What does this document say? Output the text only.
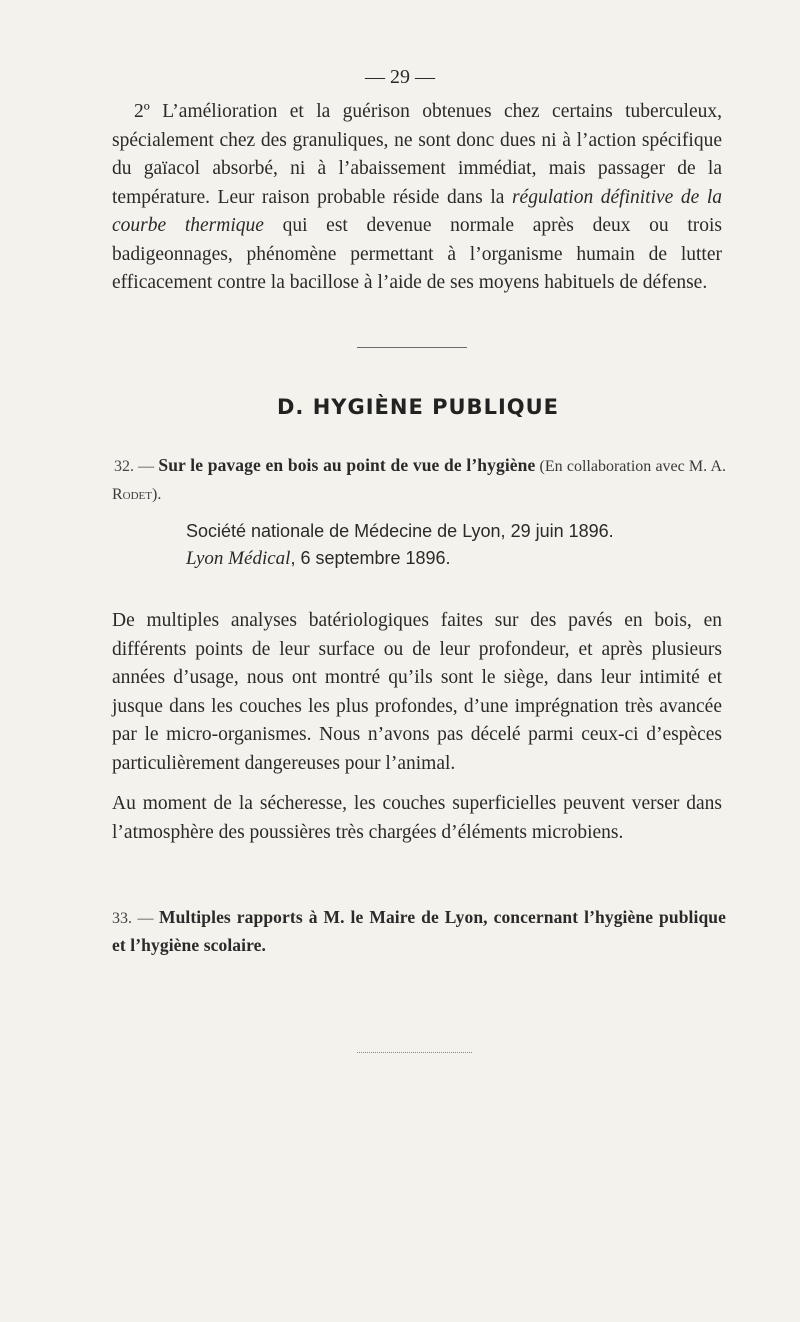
— 29 —

2º L’amélioration et la guérison obtenues chez certains tuberculeux, spécialement chez des granuliques, ne sont donc dues ni à l’action spécifique du gaïacol absorbé, ni à l’abaissement immédiat, mais passager de la température. Leur raison probable réside dans la régulation définitive de la courbe thermique qui est devenue normale après deux ou trois badigeonnages, phénomène permettant à l’organisme humain de lutter efficacement contre la bacillose à l’aide de ses moyens habituels de défense.

D. HYGIÈNE PUBLIQUE

32. — Sur le pavage en bois au point de vue de l’hygiène (En collaboration avec M. A. Rodet).

Société nationale de Médecine de Lyon, 29 juin 1896.
Lyon Médical, 6 septembre 1896.

De multiples analyses batériologiques faites sur des pavés en bois, en différents points de leur surface ou de leur profondeur, et après plusieurs années d’usage, nous ont montré qu’ils sont le siège, dans leur intimité et jusque dans les couches les plus profondes, d’une imprégnation très avancée par le micro-organismes. Nous n’avons pas décelé parmi ceux-ci d’espèces particulièrement dangereuses pour l’animal.

Au moment de la sécheresse, les couches superficielles peuvent verser dans l’atmosphère des poussières très chargées d’éléments microbiens.

33. — Multiples rapports à M. le Maire de Lyon, concernant l’hygiène publique et l’hygiène scolaire.
